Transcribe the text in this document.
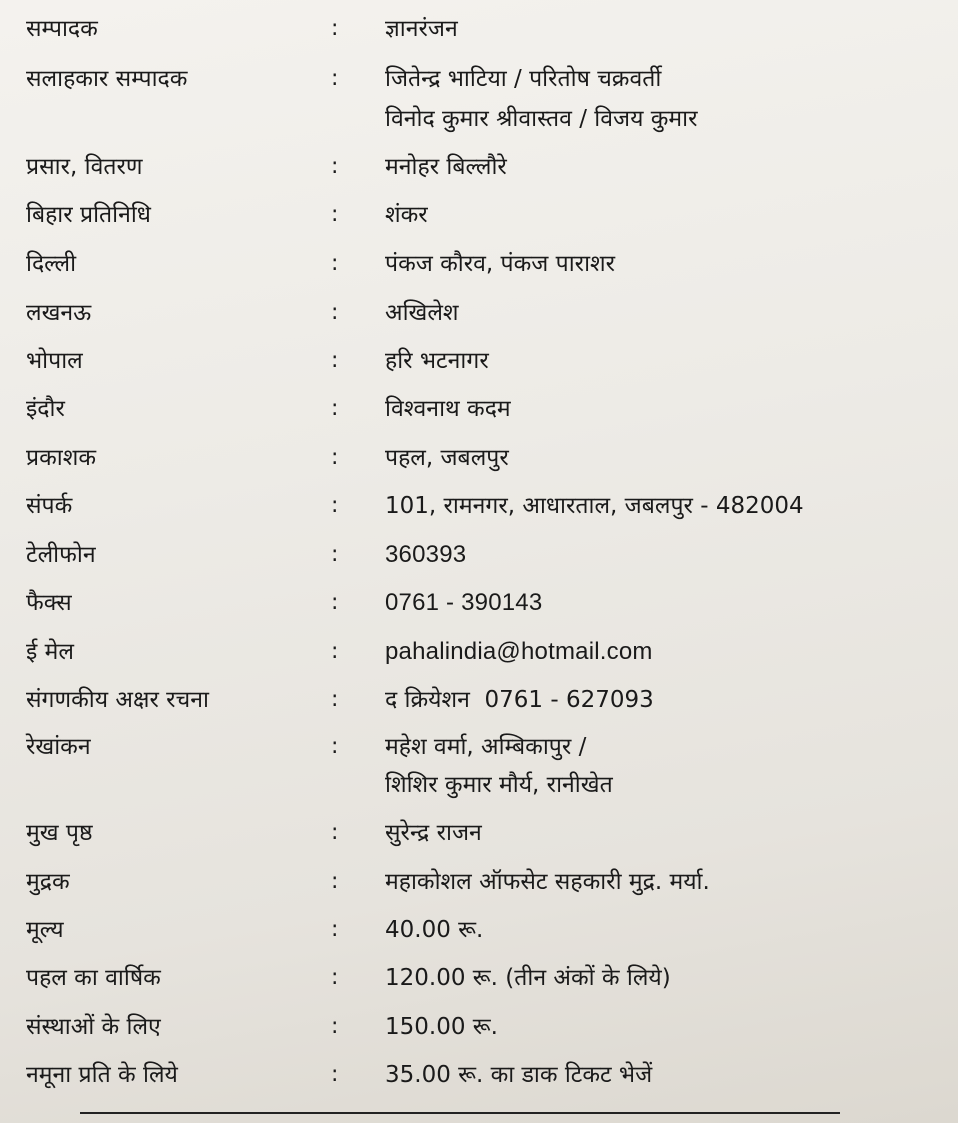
सम्पादक	: ज्ञानरंजन
सलाहकार सम्पादक	: जितेन्द्र भाटिया / परितोष चक्रवर्ती
विनोद कुमार श्रीवास्तव / विजय कुमार
प्रसार, वितरण	: मनोहर बिल्लौरे
बिहार प्रतिनिधि	: शंकर
दिल्ली	: पंकज कौरव, पंकज पाराशर
लखनऊ	: अखिलेश
भोपाल	: हरि भटनागर
इंदौर	: विश्वनाथ कदम
प्रकाशक	: पहल, जबलपुर
संपर्क	: 101, रामनगर, आधारताल, जबलपुर - 482004
टेलीफोन	: 360393
फैक्स	: 0761 - 390143
ई मेल	: pahalindia@hotmail.com
संगणकीय अक्षर रचना	: द क्रियेशन  0761 - 627093
रेखांकन	: महेश वर्मा, अम्बिकापुर /
शिशिर कुमार मौर्य, रानीखेत
मुख पृष्ठ	: सुरेन्द्र राजन
मुद्रक	: महाकोशल ऑफसेट सहकारी मुद्र. मर्या.
मूल्य	: 40.00 रू.
पहल का वार्षिक	: 120.00 रू. (तीन अंकों के लिये)
संस्थाओं के लिए	: 150.00 रू.
नमूना प्रति के लिये	: 35.00 रू. का डाक टिकट भेजें
